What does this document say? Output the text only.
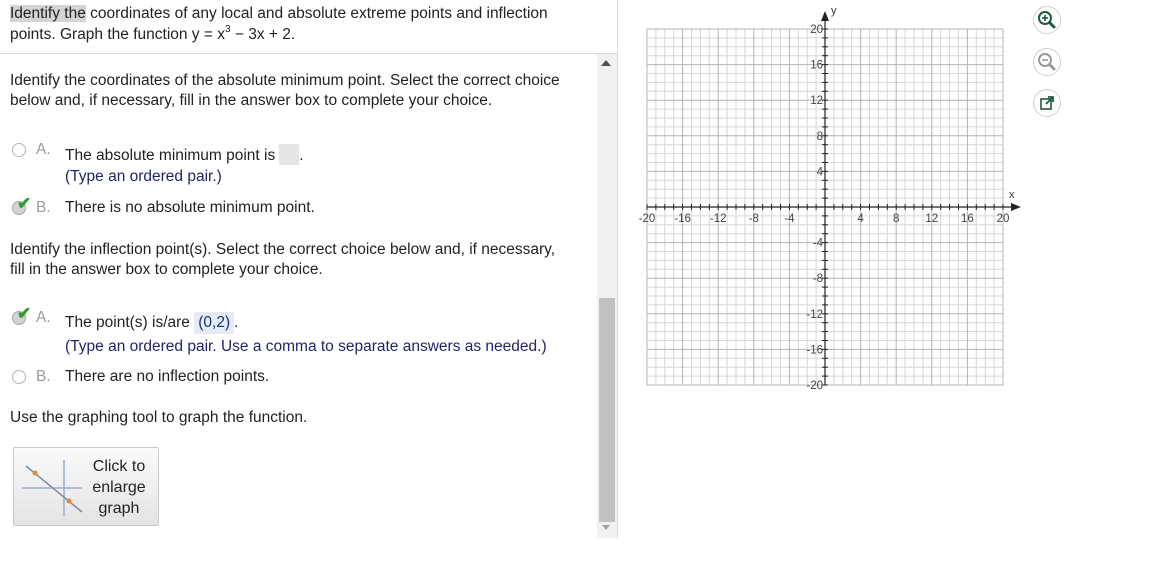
Identify the coordinates of any local and absolute extreme points and inflection
points. Graph the function $y = x^3 - 3x + 2$.
Identify the coordinates of the absolute minimum point. Select the correct choice
below and, if necessary, fill in the answer box to complete your choice.
A. The absolute minimum point is .
(Type an ordered pair.)
✔ B. There is no absolute minimum point.
Identify the inflection point(s). Select the correct choice below and, if necessary,
fill in the answer box to complete your choice.
✔ A. The point(s) is/are (0,2) .
(Type an ordered pair. Use a comma to separate answers as needed.)
B. There are no inflection points.
Use the graphing tool to graph the function.
Click to
enlarge
graph
-20 -16 -12 -8 -4	4	8 12 16 20
20
16
12
8
4
-4
-8
-12
-16
-20
x
y
